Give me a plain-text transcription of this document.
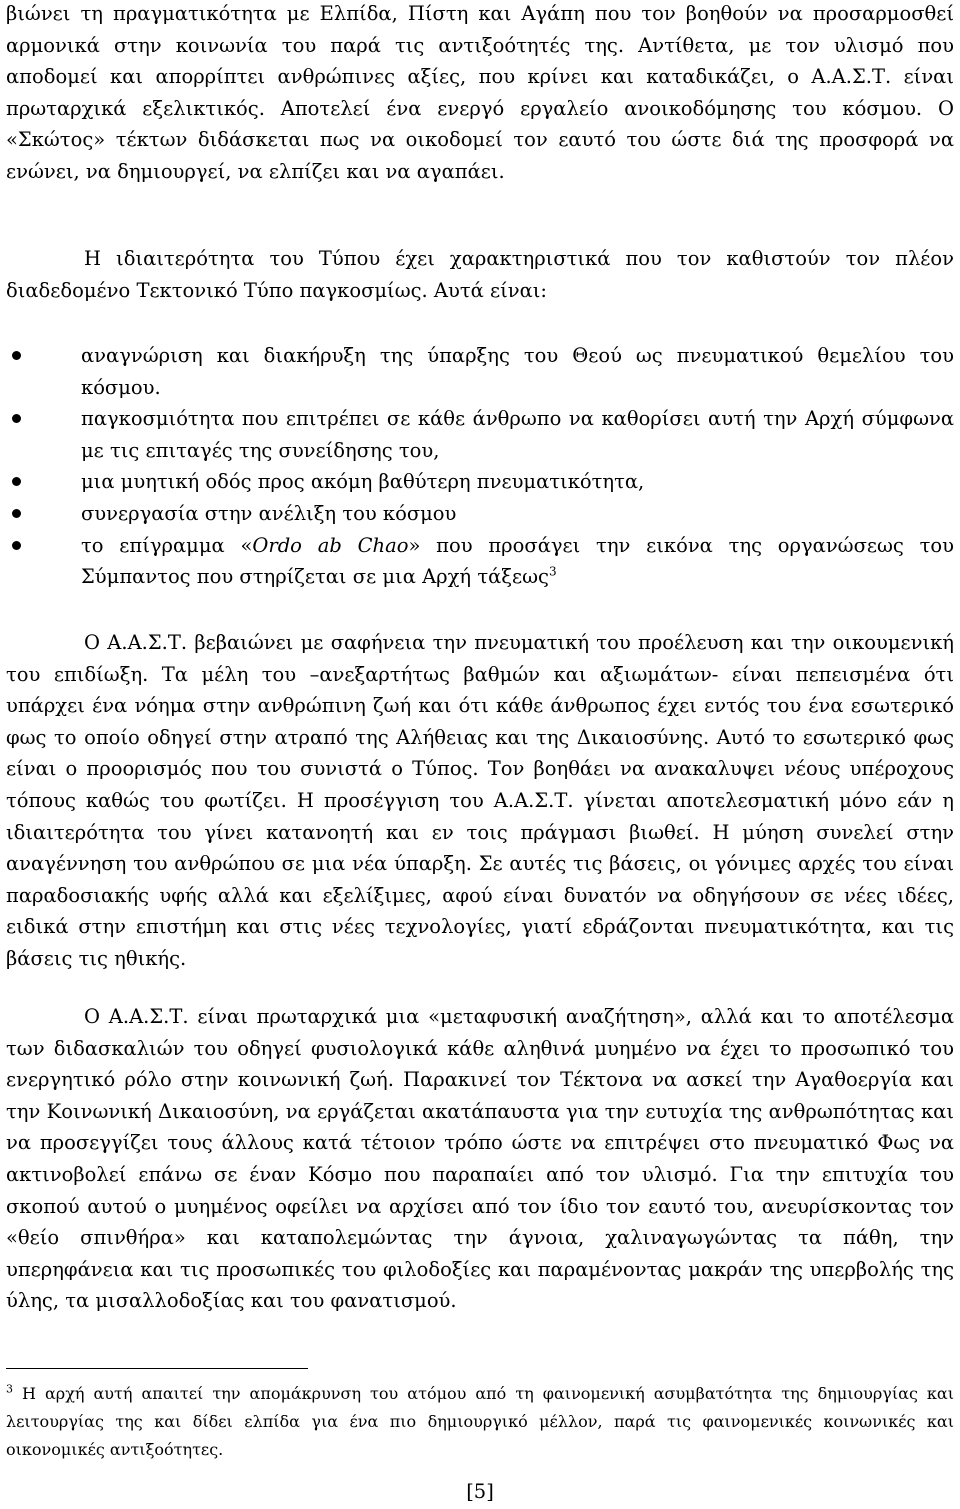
βιώνει τη πραγματικότητα με Ελπίδα, Πίστη και Αγάπη που τον βοηθούν να προσαρμοσθεί αρμονικά στην κοινωνία του παρά τις αντιξοότητές της. Αντίθετα, με τον υλισμό που αποδομεί και απορρίπτει ανθρώπινες αξίες, που κρίνει και καταδικάζει, ο Α.Α.Σ.Τ. είναι πρωταρχικά εξελικτικός. Αποτελεί ένα ενεργό εργαλείο ανοικοδόμησης του κόσμου. Ο «Σκώτος» τέκτων διδάσκεται πως να οικοδομεί τον εαυτό του ώστε διά της προσφορά να ενώνει, να δημιουργεί, να ελπίζει και να αγαπάει.

Η ιδιαιτερότητα του Τύπου έχει χαρακτηριστικά που τον καθιστούν τον πλέον διαδεδομένο Τεκτονικό Τύπο παγκοσμίως. Αυτά είναι:

αναγνώριση και διακήρυξη της ύπαρξης του Θεού ως πνευματικού θεμελίου του κόσμου.
παγκοσμιότητα που επιτρέπει σε κάθε άνθρωπο να καθορίσει αυτή την Αρχή σύμφωνα με τις επιταγές της συνείδησης του,
μια μυητική οδός προς ακόμη βαθύτερη πνευματικότητα,
συνεργασία στην ανέλιξη του κόσμου
το επίγραμμα «Ordo ab Chao» που προσάγει την εικόνα της οργανώσεως του Σύμπαντος που στηρίζεται σε μια Αρχή τάξεως$^3$

Ο Α.Α.Σ.Τ. βεβαιώνει με σαφήνεια την πνευματική του προέλευση και την οικουμενική του επιδίωξη. Τα μέλη του –ανεξαρτήτως βαθμών και αξιωμάτων- είναι πεπεισμένα ότι υπάρχει ένα νόημα στην ανθρώπινη ζωή και ότι κάθε άνθρωπος έχει εντός του ένα εσωτερικό φως το οποίο οδηγεί στην ατραπό της Αλήθειας και της Δικαιοσύνης. Αυτό το εσωτερικό φως είναι ο προορισμός που του συνιστά ο Τύπος. Τον βοηθάει να ανακαλυψει νέους υπέροχους τόπους καθώς του φωτίζει. Η προσέγγιση του Α.Α.Σ.Τ. γίνεται αποτελεσματική μόνο εάν η ιδιαιτερότητα του γίνει κατανοητή και εν τοις πράγμασι βιωθεί. Η μύηση συνελεί στην αναγέννηση του ανθρώπου σε μια νέα ύπαρξη. Σε αυτές τις βάσεις, οι γόνιμες αρχές του είναι παραδοσιακής υφής αλλά και εξελίξιμες, αφού είναι δυνατόν να οδηγήσουν σε νέες ιδέες, ειδικά στην επιστήμη και στις νέες τεχνολογίες, γιατί εδράζονται πνευματικότητα, και τις βάσεις τις ηθικής.

Ο Α.Α.Σ.Τ. είναι πρωταρχικά μια «μεταφυσική αναζήτηση», αλλά και το αποτέλεσμα των διδασκαλιών του οδηγεί φυσιολογικά κάθε αληθινά μυημένο να έχει το προσωπικό του ενεργητικό ρόλο στην κοινωνική ζωή. Παρακινεί τον Τέκτονα να ασκεί την Αγαθοεργία και την Κοινωνική Δικαιοσύνη, να εργάζεται ακατάπαυστα για την ευτυχία της ανθρωπότητας και να προσεγγίζει τους άλλους κατά τέτοιον τρόπο ώστε να επιτρέψει στο πνευματικό Φως να ακτινοβολεί επάνω σε έναν Κόσμο που παραπαίει από τον υλισμό. Για την επιτυχία του σκοπού αυτού ο μυημένος οφείλει να αρχίσει από τον ίδιο τον εαυτό του, ανευρίσκοντας τον «θείο σπινθήρα» και καταπολεμώντας την άγνοια, χαλιναγωγώντας τα πάθη, την υπερηφάνεια και τις προσωπικές του φιλοδοξίες και παραμένοντας μακράν της υπερβολής της ύλης, τα μισαλλοδοξίας και του φανατισμού.

$^3$ Η αρχή αυτή απαιτεί την απομάκρυνση του ατόμου από τη φαινομενική ασυμβατότητα της δημιουργίας και λειτουργίας της και δίδει ελπίδα για ένα πιο δημιουργικό μέλλον, παρά τις φαινομενικές κοινωνικές και οικονομικές αντιξοότητες.

[5]
